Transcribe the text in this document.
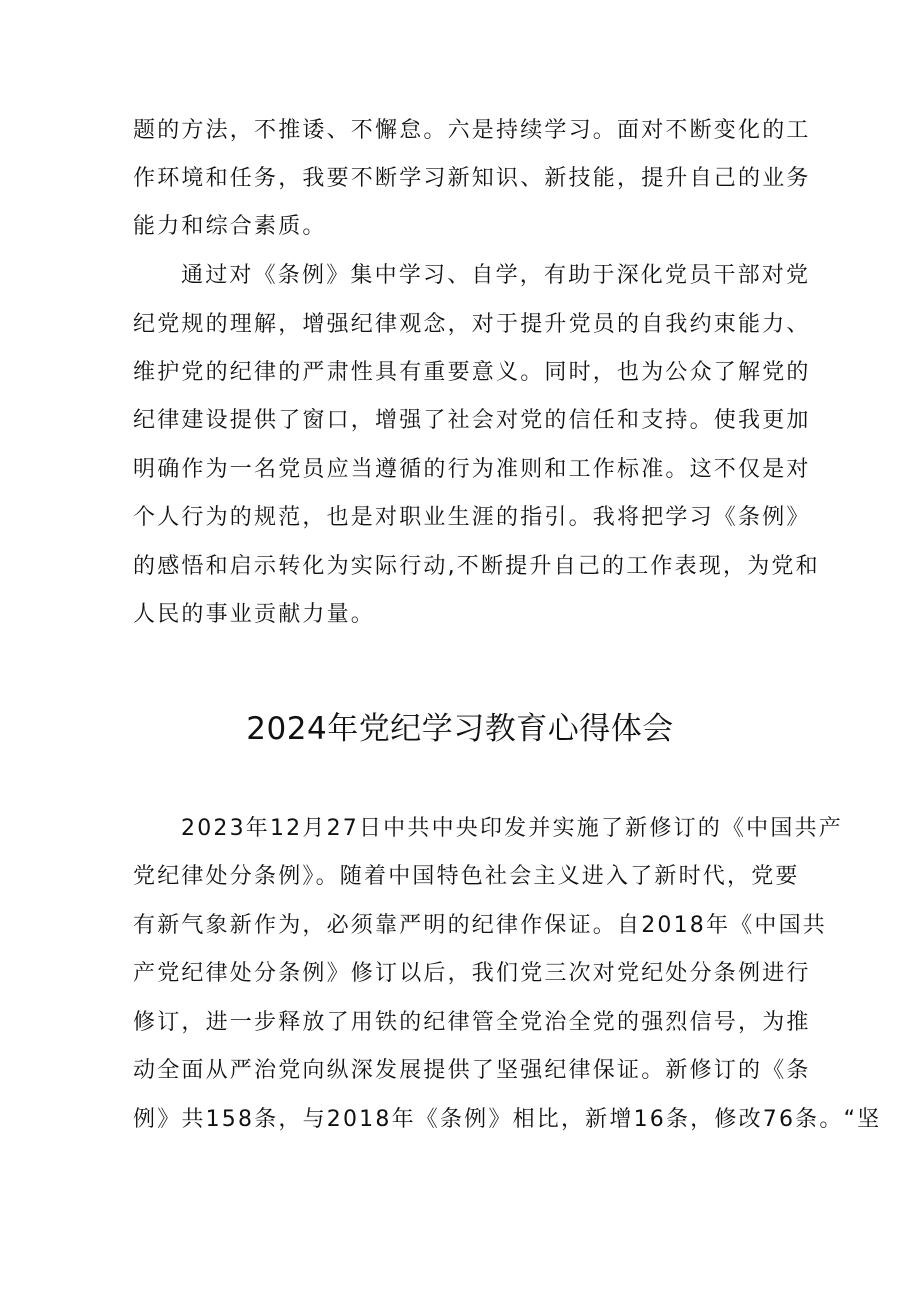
题的方法，不推诿、不懈怠。六是持续学习。面对不断变化的工
作环境和任务，我要不断学习新知识、新技能，提升自己的业务
能力和综合素质。
通过对《条例》集中学习、自学，有助于深化党员干部对党
纪党规的理解，增强纪律观念，对于提升党员的自我约束能力、
维护党的纪律的严肃性具有重要意义。同时，也为公众了解党的
纪律建设提供了窗口，增强了社会对党的信任和支持。使我更加
明确作为一名党员应当遵循的行为准则和工作标准。这不仅是对
个人行为的规范，也是对职业生涯的指引。我将把学习《条例》
的感悟和启示转化为实际行动,不断提升自己的工作表现，为党和
人民的事业贡献力量。
2024年党纪学习教育心得体会
2023年12月27日中共中央印发并实施了新修订的《中国共产
党纪律处分条例》。随着中国特色社会主义进入了新时代，党要
有新气象新作为，必须靠严明的纪律作保证。自2018年《中国共
产党纪律处分条例》修订以后，我们党三次对党纪处分条例进行
修订，进一步释放了用铁的纪律管全党治全党的强烈信号，为推
动全面从严治党向纵深发展提供了坚强纪律保证。新修订的《条
例》共158条，与2018年《条例》相比，新增16条，修改76条。“坚
